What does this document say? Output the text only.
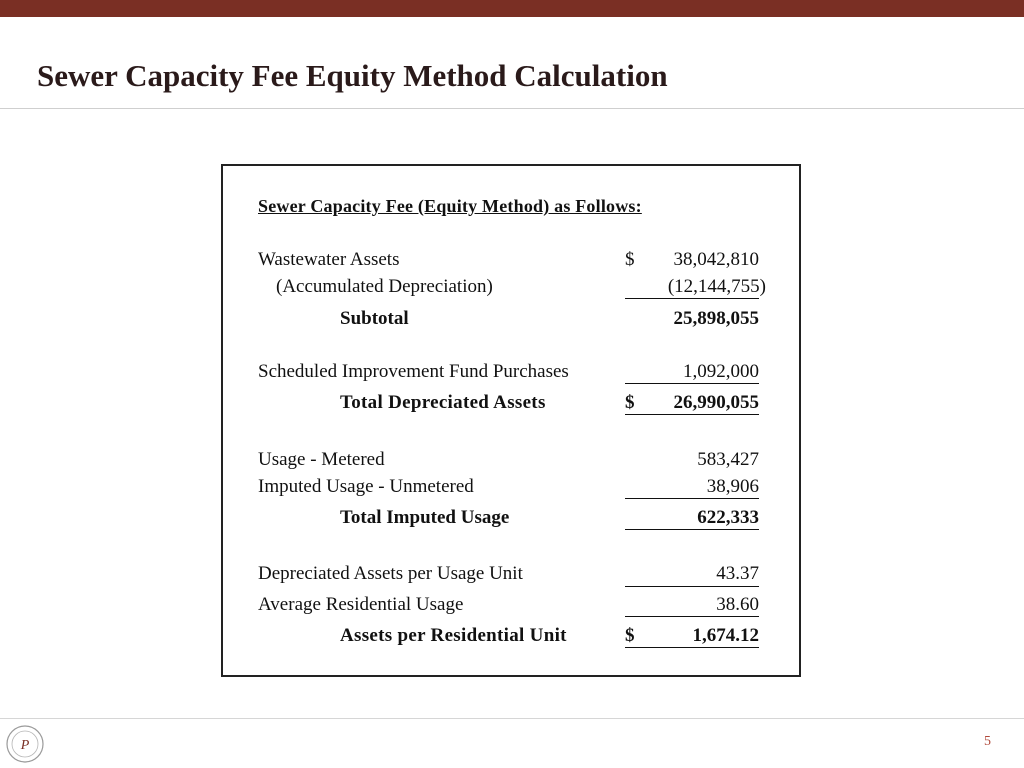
Sewer Capacity Fee Equity Method Calculation
Sewer Capacity Fee (Equity Method) as Follows:
Wastewater Assets	$	38,042,810
(Accumulated Depreciation)	(12,144,755)
Subtotal	25,898,055
Scheduled Improvement Fund Purchases	1,092,000
Total Depreciated Assets	$	26,990,055
Usage - Metered	583,427
Imputed Usage - Unmetered	38,906
Total Imputed Usage	622,333
Depreciated Assets per Usage Unit	43.37
Average Residential Usage	38.60
Assets per Residential Unit	$	1,674.12
P	5
